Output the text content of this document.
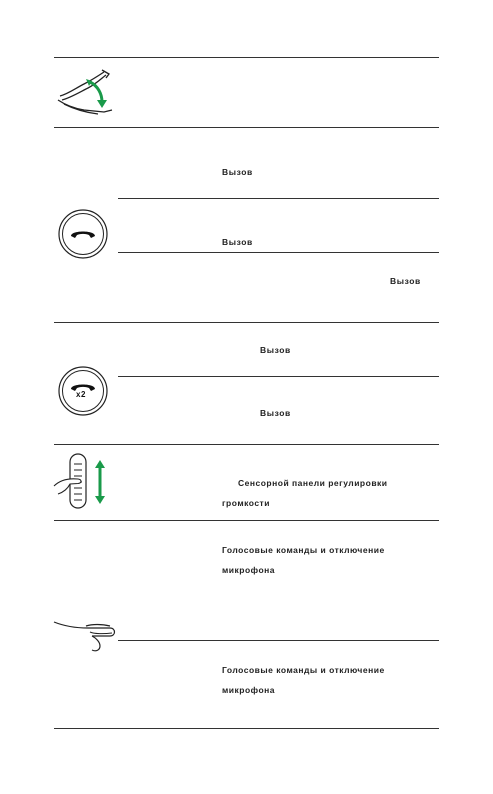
Вызов
Вызов
Вызов
Вызов
Вызов
x2
Сенсорной панели регулировки
громкости
Голосовые команды и отключение
микрофона
Голосовые команды и отключение
микрофона
